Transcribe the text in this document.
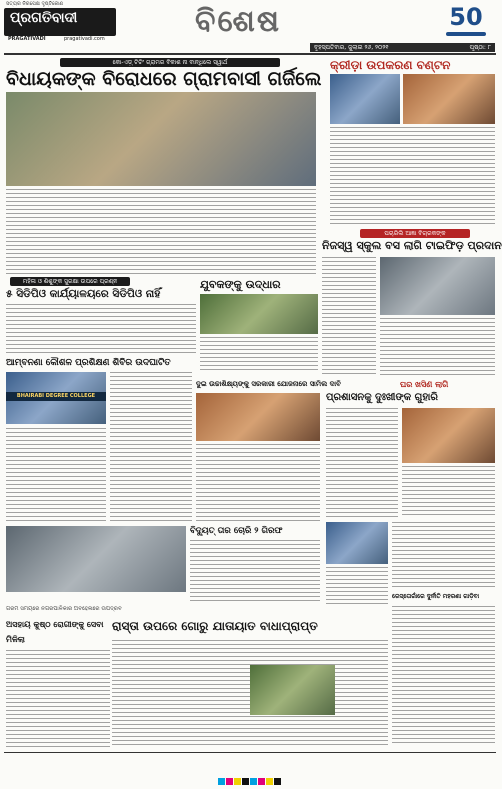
ସତ୍ୟର ନିରପେକ୍ଷ ଦୃଷ୍ଟିକୋଣ
ପ୍ରଗତିବାଦୀ
PRAGATIVADI	pragativadi.com	ବିଶେଷ	50
ବୃହସ୍ପତିବାର, ଜୁଲାଇ ୨୬, ୨୦୨୧	ପୃଷ୍ଠା: ୮
କୋ-ଏଡ଼୍ ଟିଚିଂ ଗ୍ରାମର ବିକାଶ ନା ବାନ୍ଧିଲେ ସ୍ୱାର୍ଥ
ବିଧାୟକଙ୍କ ବିରୋଧରେ ଗ୍ରାମବାସୀ ଗର୍ଜିଲେ
କ୍ରୀଡ଼ା ଉପକରଣ ବଣ୍ଟନ
ପଚାରିଲି ଆଜ୍ଞା ବିଚାରକଙ୍କ
ନିଜସ୍ୱ ସ୍କୁଲ ବସ ଲାଗି ଟାଇଫିଡ଼ ପ୍ରଦାନ
ମହିଳା ଓ ଶିଶୁଙ୍କ ସୁରକ୍ଷା ଉପରେ ପ୍ରଶ୍ନ
୫ ସିଡିପିଓ କାର୍ଯ୍ୟାଳୟରେ ସିଡିପିଓ ନାହିଁ
ଯୁବକଙ୍କୁ ଉଦ୍ଧାର
ଆମ୍ବନଣା କୌଶଳ ପ୍ରଶିକ୍ଷଣ ଶିବିର ଉଦଘାଟିତ
BHAIRABI DEGREE COLLEGE
ଦୁଇ ଉଚ୍ଚାଶିକ୍ଷ୍ୟଙ୍କୁ ସରକାରୀ ଯୋଜନାରେ ସାମିଲ ଦାବି	ଘର ଖସିଣ ଲାଗି
ପ୍ରଶାସନକୁ ଦୁଃଖୀଙ୍କ ଗୁହାରି
ବିଦ୍ୟୁତ୍ ତାର ଚୋରି ୨ ଗିରଫ
ରେସ୍ତୋରାଁରେ ଦୁର୍ନୀତି ମହରଣା ଗାଡ଼ିବା
ଗରମ ସମୟରେ ନଗରପାଳିକାର ଅବହେଳାରେ ଉପଦ୍ରବ
ରାସ୍ତା ଉପରେ ଗୋରୁ ଯାତାୟାତ ବାଧାପ୍ରାପ୍ତ
ଅସହାୟ କୁଷ୍ଠ ରୋଗୀଙ୍କୁ ସେବା ମିଳିଲା
